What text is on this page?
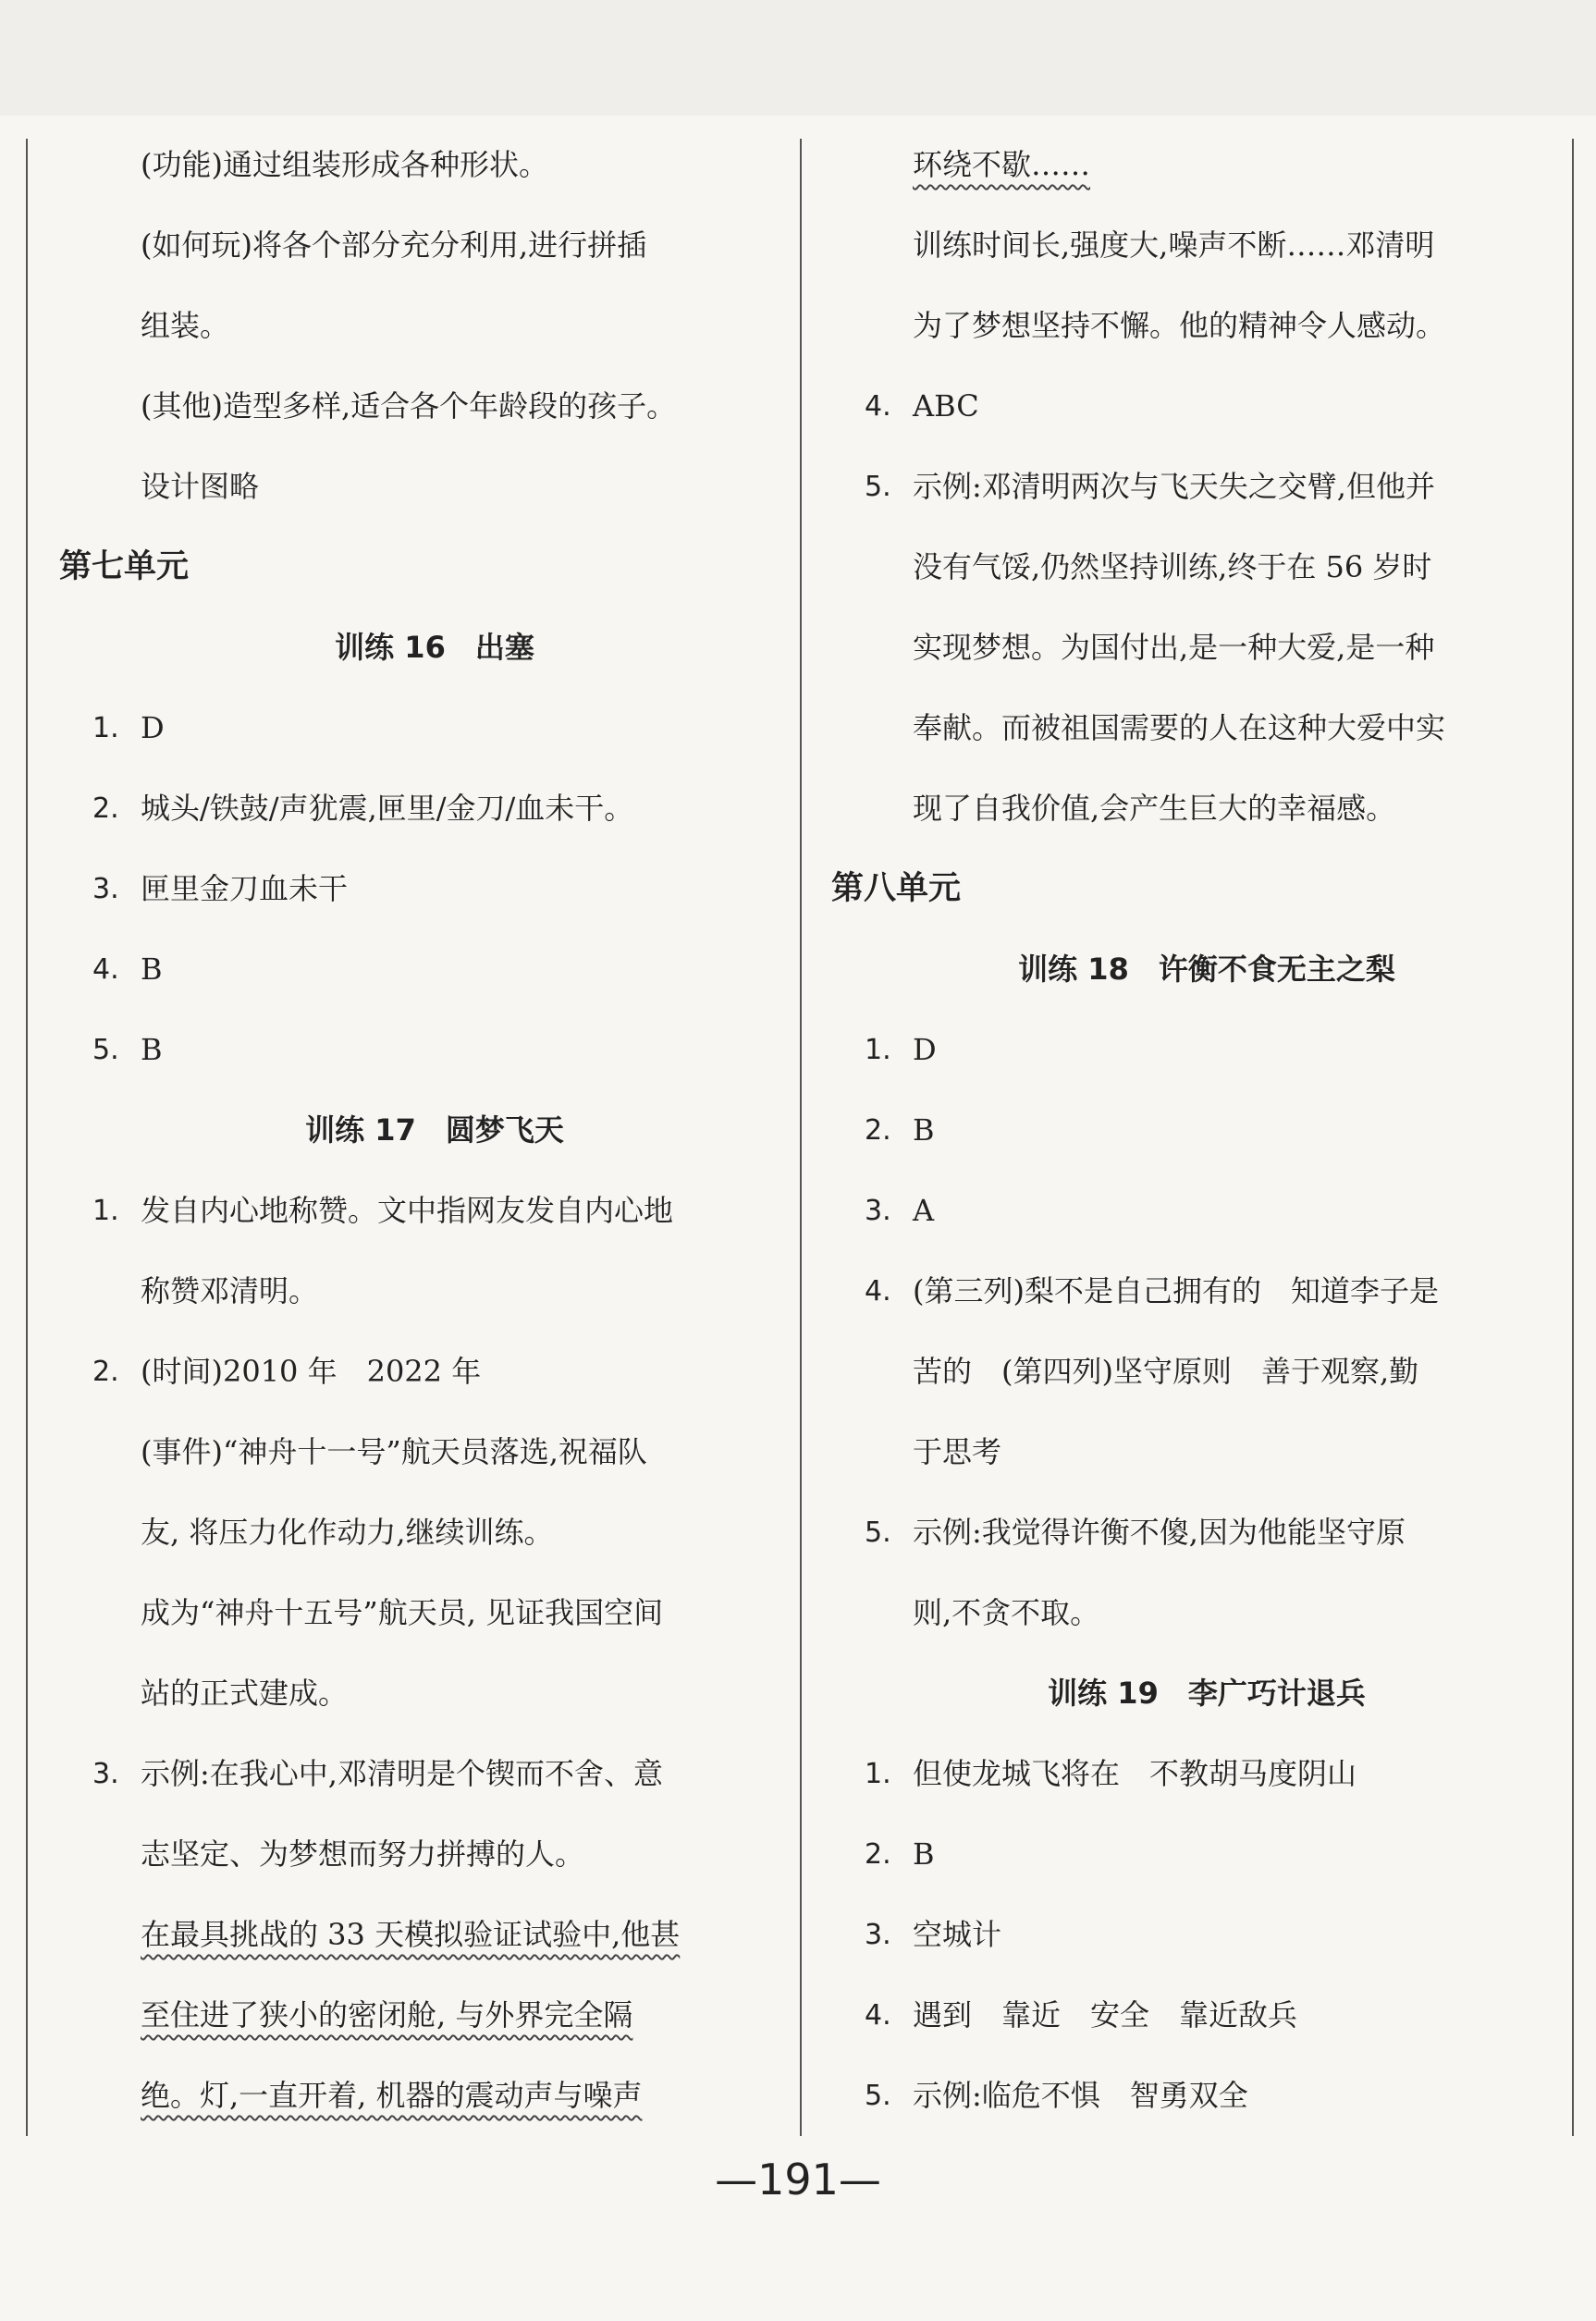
(功能)通过组装形成各种形状。
(如何玩)将各个部分充分利用,进行拼插
组装。
(其他)造型多样,适合各个年龄段的孩子。
设计图略
第七单元
训练 16　出塞
1. D
2. 城头/铁鼓/声犹震,匣里/金刀/血未干。
3. 匣里金刀血未干
4. B
5. B
训练 17　圆梦飞天
1. 发自内心地称赞。文中指网友发自内心地
称赞邓清明。
2. (时间)2010 年　2022 年
(事件)“神舟十一号”航天员落选,祝福队
友, 将压力化作动力,继续训练。
成为“神舟十五号”航天员, 见证我国空间
站的正式建成。
3. 示例:在我心中,邓清明是个锲而不舍、意
志坚定、为梦想而努力拼搏的人。
在最具挑战的 33 天模拟验证试验中,他甚
至住进了狭小的密闭舱, 与外界完全隔
绝。灯,一直开着, 机器的震动声与噪声
环绕不歇……
训练时间长,强度大,噪声不断……邓清明
为了梦想坚持不懈。他的精神令人感动。
4. ABC
5. 示例:邓清明两次与飞天失之交臂,但他并
没有气馁,仍然坚持训练,终于在 56 岁时
实现梦想。为国付出,是一种大爱,是一种
奉献。而被祖国需要的人在这种大爱中实
现了自我价值,会产生巨大的幸福感。
第八单元
训练 18　许衡不食无主之梨
1. D
2. B
3. A
4. (第三列)梨不是自己拥有的　知道李子是
苦的　(第四列)坚守原则　善于观察,勤
于思考
5. 示例:我觉得许衡不傻,因为他能坚守原
则,不贪不取。
训练 19　李广巧计退兵
1. 但使龙城飞将在　不教胡马度阴山
2. B
3. 空城计
4. 遇到　靠近　安全　靠近敌兵
5. 示例:临危不惧　智勇双全
—191—
